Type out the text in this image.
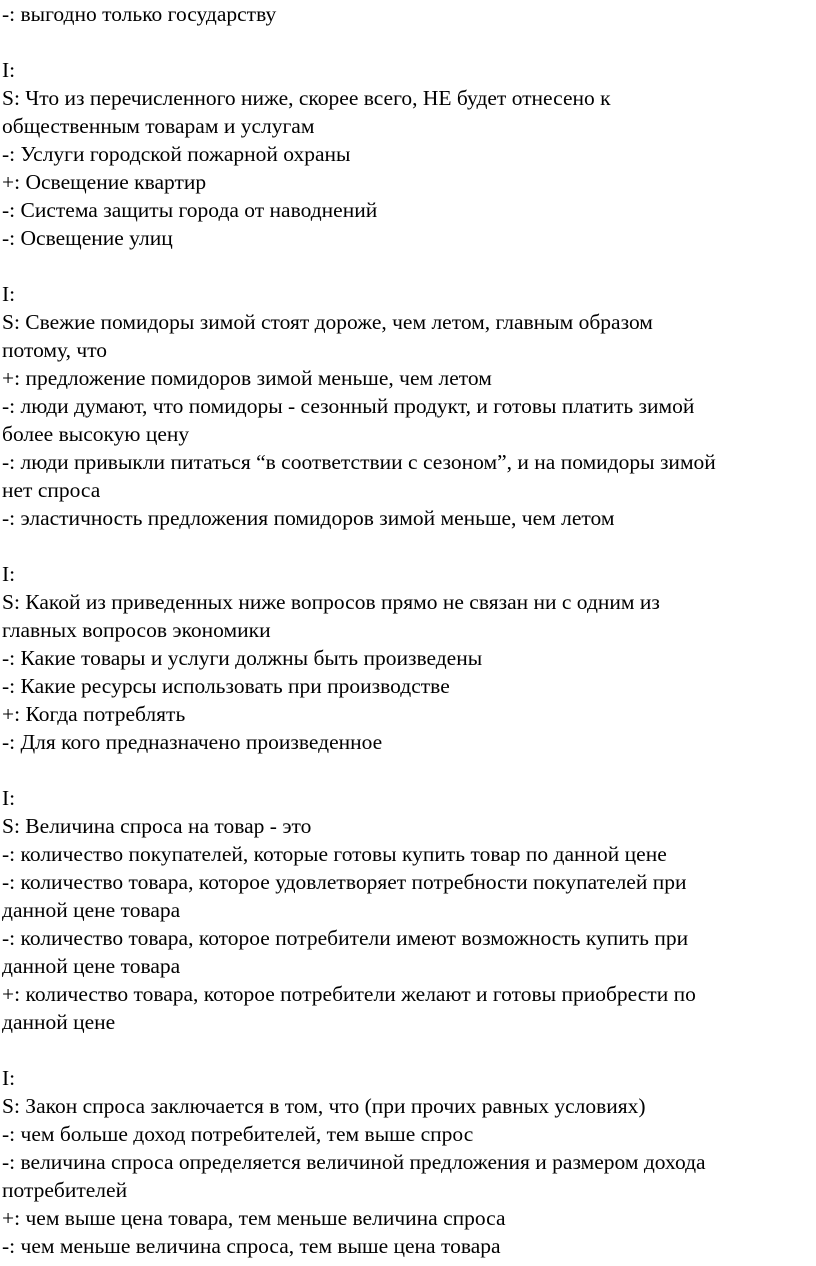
-: выгодно только государству
I:
S: Что из перечисленного ниже, скорее всего, НЕ будет отнесено к
общественным товарам и услугам
-: Услуги городской пожарной охраны
+: Освещение квартир
-: Система защиты города от наводнений
-: Освещение улиц
I:
S: Свежие помидоры зимой стоят дороже, чем летом, главным образом
потому, что
+: предложение помидоров зимой меньше, чем летом
-: люди думают, что помидоры - сезонный продукт, и готовы платить зимой
более высокую цену
-: люди привыкли питаться “в соответствии с сезоном”, и на помидоры зимой
нет спроса
-: эластичность предложения помидоров зимой меньше, чем летом
I:
S: Какой из приведенных ниже вопросов прямо не связан ни с одним из
главных вопросов экономики
-: Какие товары и услуги должны быть произведены
-: Какие ресурсы использовать при производстве
+: Когда потреблять
-: Для кого предназначено произведенное
I:
S: Величина спроса на товар - это
-: количество покупателей, которые готовы купить товар по данной цене
-: количество товара, которое удовлетворяет потребности покупателей при
данной цене товара
-: количество товара, которое потребители имеют возможность купить при
данной цене товара
+: количество товара, которое потребители желают и готовы приобрести по
данной цене
I:
S: Закон спроса заключается в том, что (при прочих равных условиях)
-: чем больше доход потребителей, тем выше спрос
-: величина спроса определяется величиной предложения и размером дохода
потребителей
+: чем выше цена товара, тем меньше величина спроса
-: чем меньше величина спроса, тем выше цена товара
